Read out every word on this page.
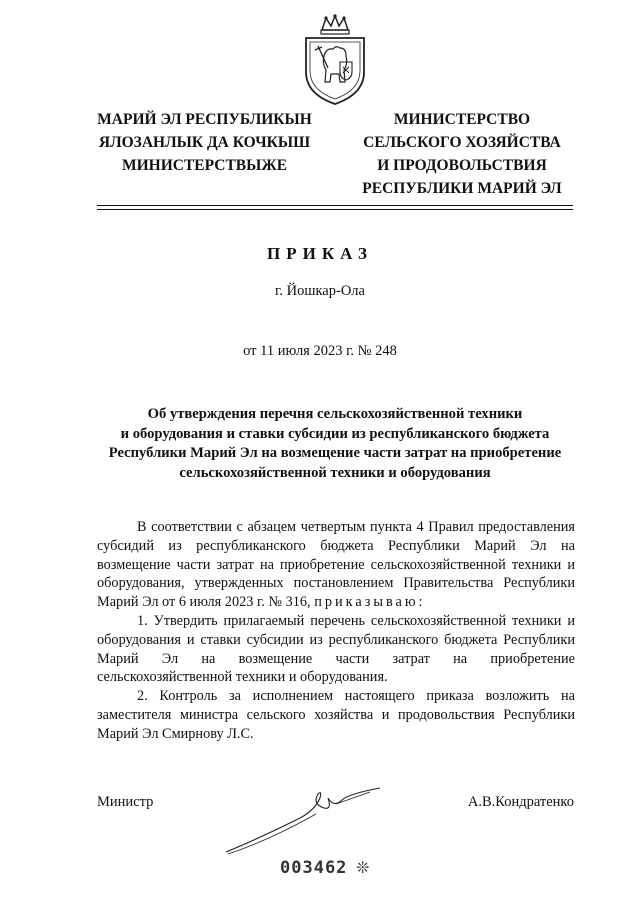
МАРИЙ ЭЛ РЕСПУБЛИКЫН
ЯЛОЗАНЛЫК ДА КОЧКЫШ
МИНИСТЕРСТВЫЖЕ
МИНИСТЕРСТВО
СЕЛЬСКОГО ХОЗЯЙСТВА
И ПРОДОВОЛЬСТВИЯ
РЕСПУБЛИКИ МАРИЙ ЭЛ
ПРИКАЗ
г. Йошкар-Ола
от 11 июля 2023 г. № 248
Об утверждения перечня сельскохозяйственной техники
и оборудования и ставки субсидии из республиканского бюджета
Республики Марий Эл на возмещение части затрат на приобретение
сельскохозяйственной техники и оборудования

В соответствии с абзацем четвертым пункта 4 Правил предоставления субсидий из республиканского бюджета Республики Марий Эл на возмещение части затрат на приобретение сельскохозяйственной техники и оборудования, утвержденных постановлением Правительства Республики Марий Эл от 6 июля 2023 г. № 316, приказываю:

1. Утвердить прилагаемый перечень сельскохозяйственной техники и оборудования и ставки субсидии из республиканского бюджета Республики Марий Эл на возмещение части затрат на приобретение сельскохозяйственной техники и оборудования.

2. Контроль за исполнением настоящего приказа возложить на заместителя министра сельского хозяйства и продовольствия Республики Марий Эл Смирнову Л.С.

Министр	А.В.Кондратенко
003462 ❊
